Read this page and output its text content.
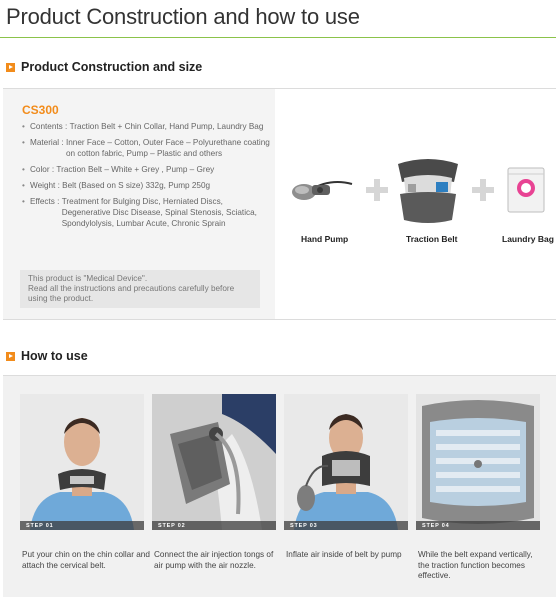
Product Construction and how to use
Product Construction and size
CS300
• Contents :
Traction Belt + Chin Collar, Hand Pump, Laundry Bag
• Material :
Inner Face – Cotton, Outer Face – Polyurethane coating on cotton fabric, Pump – Plastic and others
• Color :
Traction Belt – White + Grey , Pump – Grey
• Weight :
Belt (Based on S size) 332g, Pump 250g
• Effects :
Treatment for Bulging Disc, Herniated Discs, Degenerative Disc Disease, Spinal Stenosis, Sciatica, Spondylolysis, Lumbar Acute, Chronic Sprain
This product is "Medical Device".
Read all the instructions and precautions carefully before using the product.
Hand Pump	Traction Belt	Laundry Bag
How to use
STEP 01	STEP 02	STEP 03	STEP 04
Put your chin on the chin collar and attach the cervical belt.
Connect the air injection tongs of air pump with the air nozzle.
Inflate air inside of belt by pump	While the belt expand vertically, the traction function becomes effective.
